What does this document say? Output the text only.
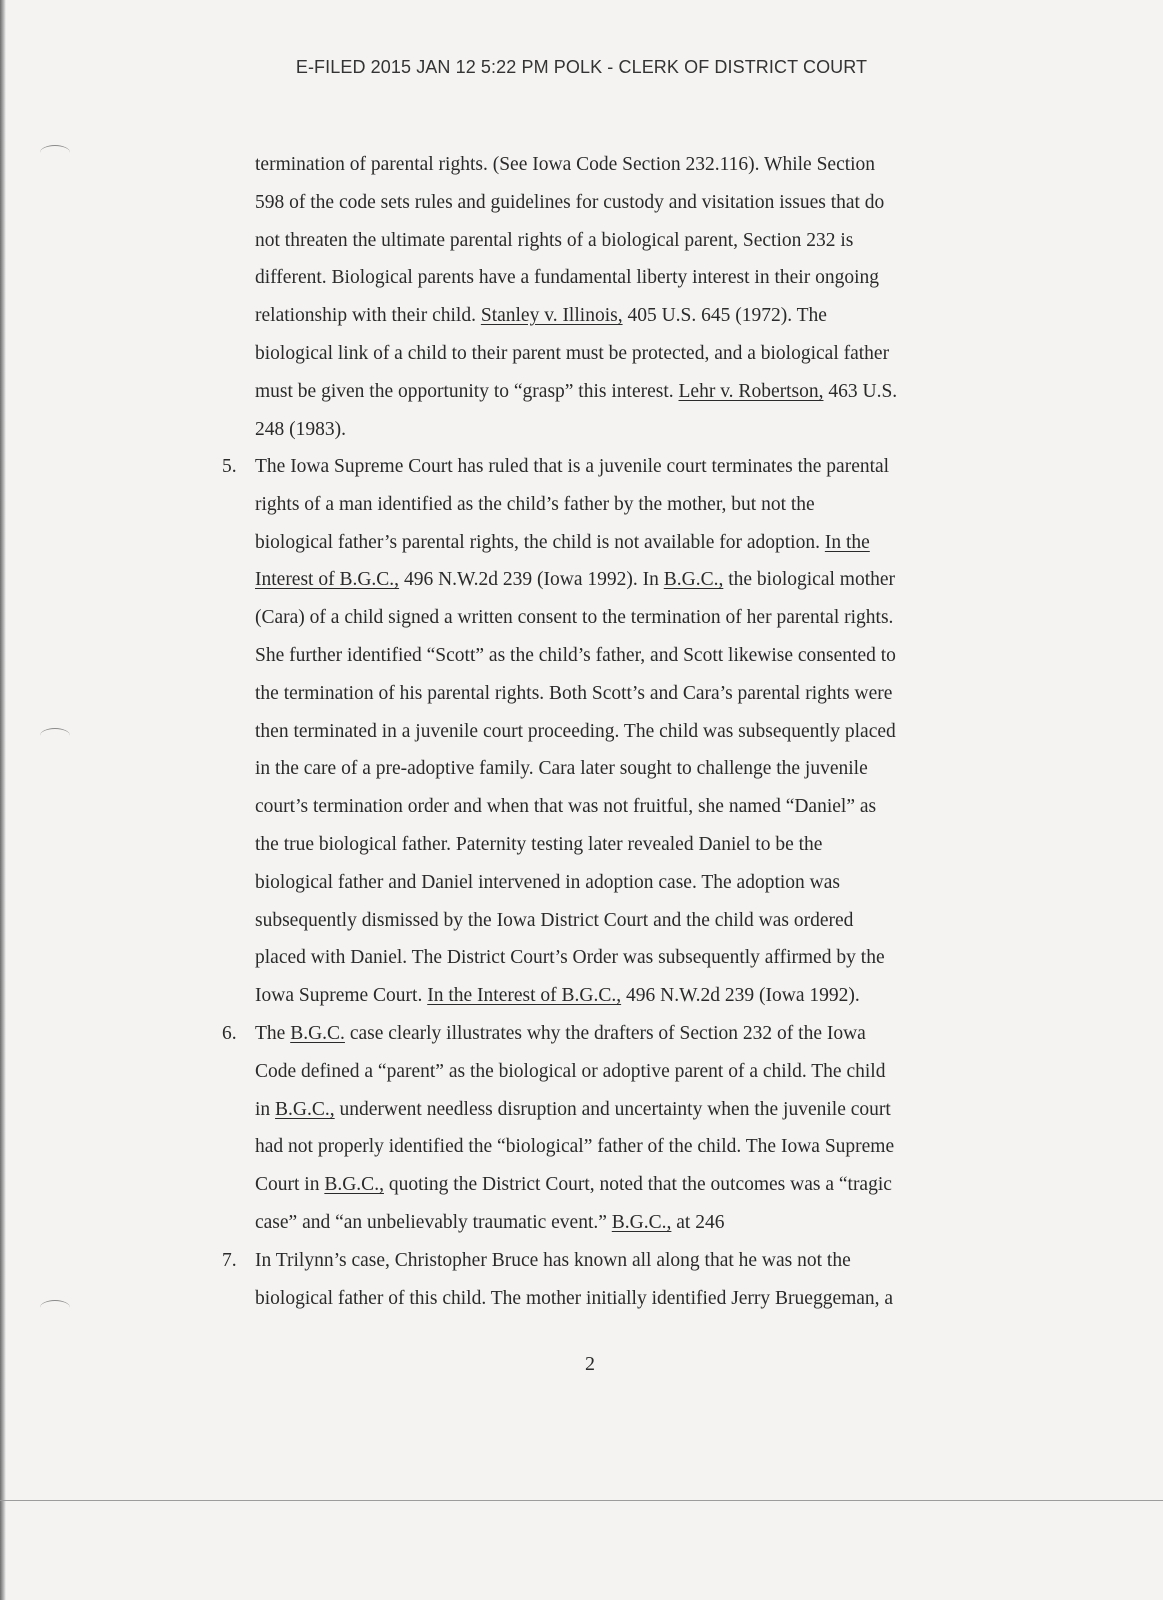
E-FILED 2015 JAN 12 5:22 PM POLK - CLERK OF DISTRICT COURT
termination of parental rights. (See Iowa Code Section 232.116). While Section
598 of the code sets rules and guidelines for custody and visitation issues that do
not threaten the ultimate parental rights of a biological parent, Section 232 is
different. Biological parents have a fundamental liberty interest in their ongoing
relationship with their child. Stanley v. Illinois, 405 U.S. 645 (1972). The
biological link of a child to their parent must be protected, and a biological father
must be given the opportunity to “grasp” this interest. Lehr v. Robertson, 463 U.S.
248 (1983).
5. The Iowa Supreme Court has ruled that is a juvenile court terminates the parental
rights of a man identified as the child’s father by the mother, but not the
biological father’s parental rights, the child is not available for adoption. In the
Interest of B.G.C., 496 N.W.2d 239 (Iowa 1992). In B.G.C., the biological mother
(Cara) of a child signed a written consent to the termination of her parental rights.
She further identified “Scott” as the child’s father, and Scott likewise consented to
the termination of his parental rights. Both Scott’s and Cara’s parental rights were
then terminated in a juvenile court proceeding. The child was subsequently placed
in the care of a pre-adoptive family. Cara later sought to challenge the juvenile
court’s termination order and when that was not fruitful, she named “Daniel” as
the true biological father. Paternity testing later revealed Daniel to be the
biological father and Daniel intervened in adoption case. The adoption was
subsequently dismissed by the Iowa District Court and the child was ordered
placed with Daniel. The District Court’s Order was subsequently affirmed by the
Iowa Supreme Court. In the Interest of B.G.C., 496 N.W.2d 239 (Iowa 1992).
6. The B.G.C. case clearly illustrates why the drafters of Section 232 of the Iowa
Code defined a “parent” as the biological or adoptive parent of a child. The child
in B.G.C., underwent needless disruption and uncertainty when the juvenile court
had not properly identified the “biological” father of the child. The Iowa Supreme
Court in B.G.C., quoting the District Court, noted that the outcomes was a “tragic
case” and “an unbelievably traumatic event.” B.G.C., at 246
7. In Trilynn’s case, Christopher Bruce has known all along that he was not the
biological father of this child. The mother initially identified Jerry Brueggeman, a
2
